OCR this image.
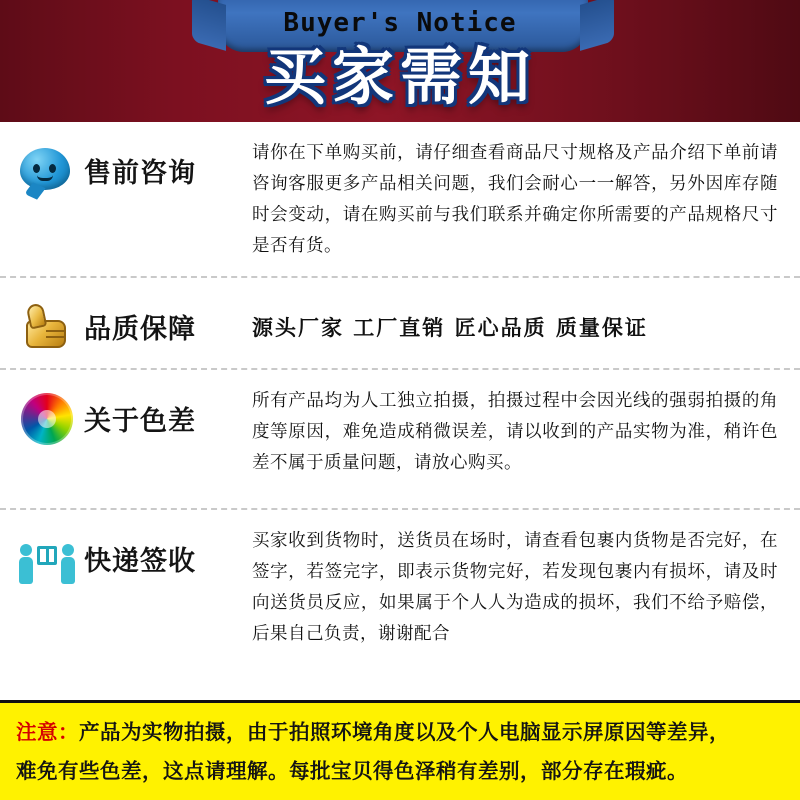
Buyer's Notice
买家需知
售前咨询
请你在下单购买前，请仔细查看商品尺寸规格及产品介绍下单前请咨询客服更多产品相关问题，我们会耐心一一解答，另外因库存随时会变动，请在购买前与我们联系并确定你所需要的产品规格尺寸是否有货。
品质保障	源头厂家 工厂直销 匠心品质 质量保证
关于色差
所有产品均为人工独立拍摄，拍摄过程中会因光线的强弱拍摄的角度等原因，难免造成稍微误差，请以收到的产品实物为准，稍许色差不属于质量问题，请放心购买。
快递签收
买家收到货物时，送货员在场时，请查看包裹内货物是否完好，在签字，若签完字，即表示货物完好，若发现包裹内有损坏，请及时向送货员反应，如果属于个人人为造成的损坏，我们不给予赔偿，后果自己负责，谢谢配合
注意：产品为实物拍摄，由于拍照环境角度以及个人电脑显示屏原因等差异，
难免有些色差，这点请理解。每批宝贝得色泽稍有差别，部分存在瑕疵。
